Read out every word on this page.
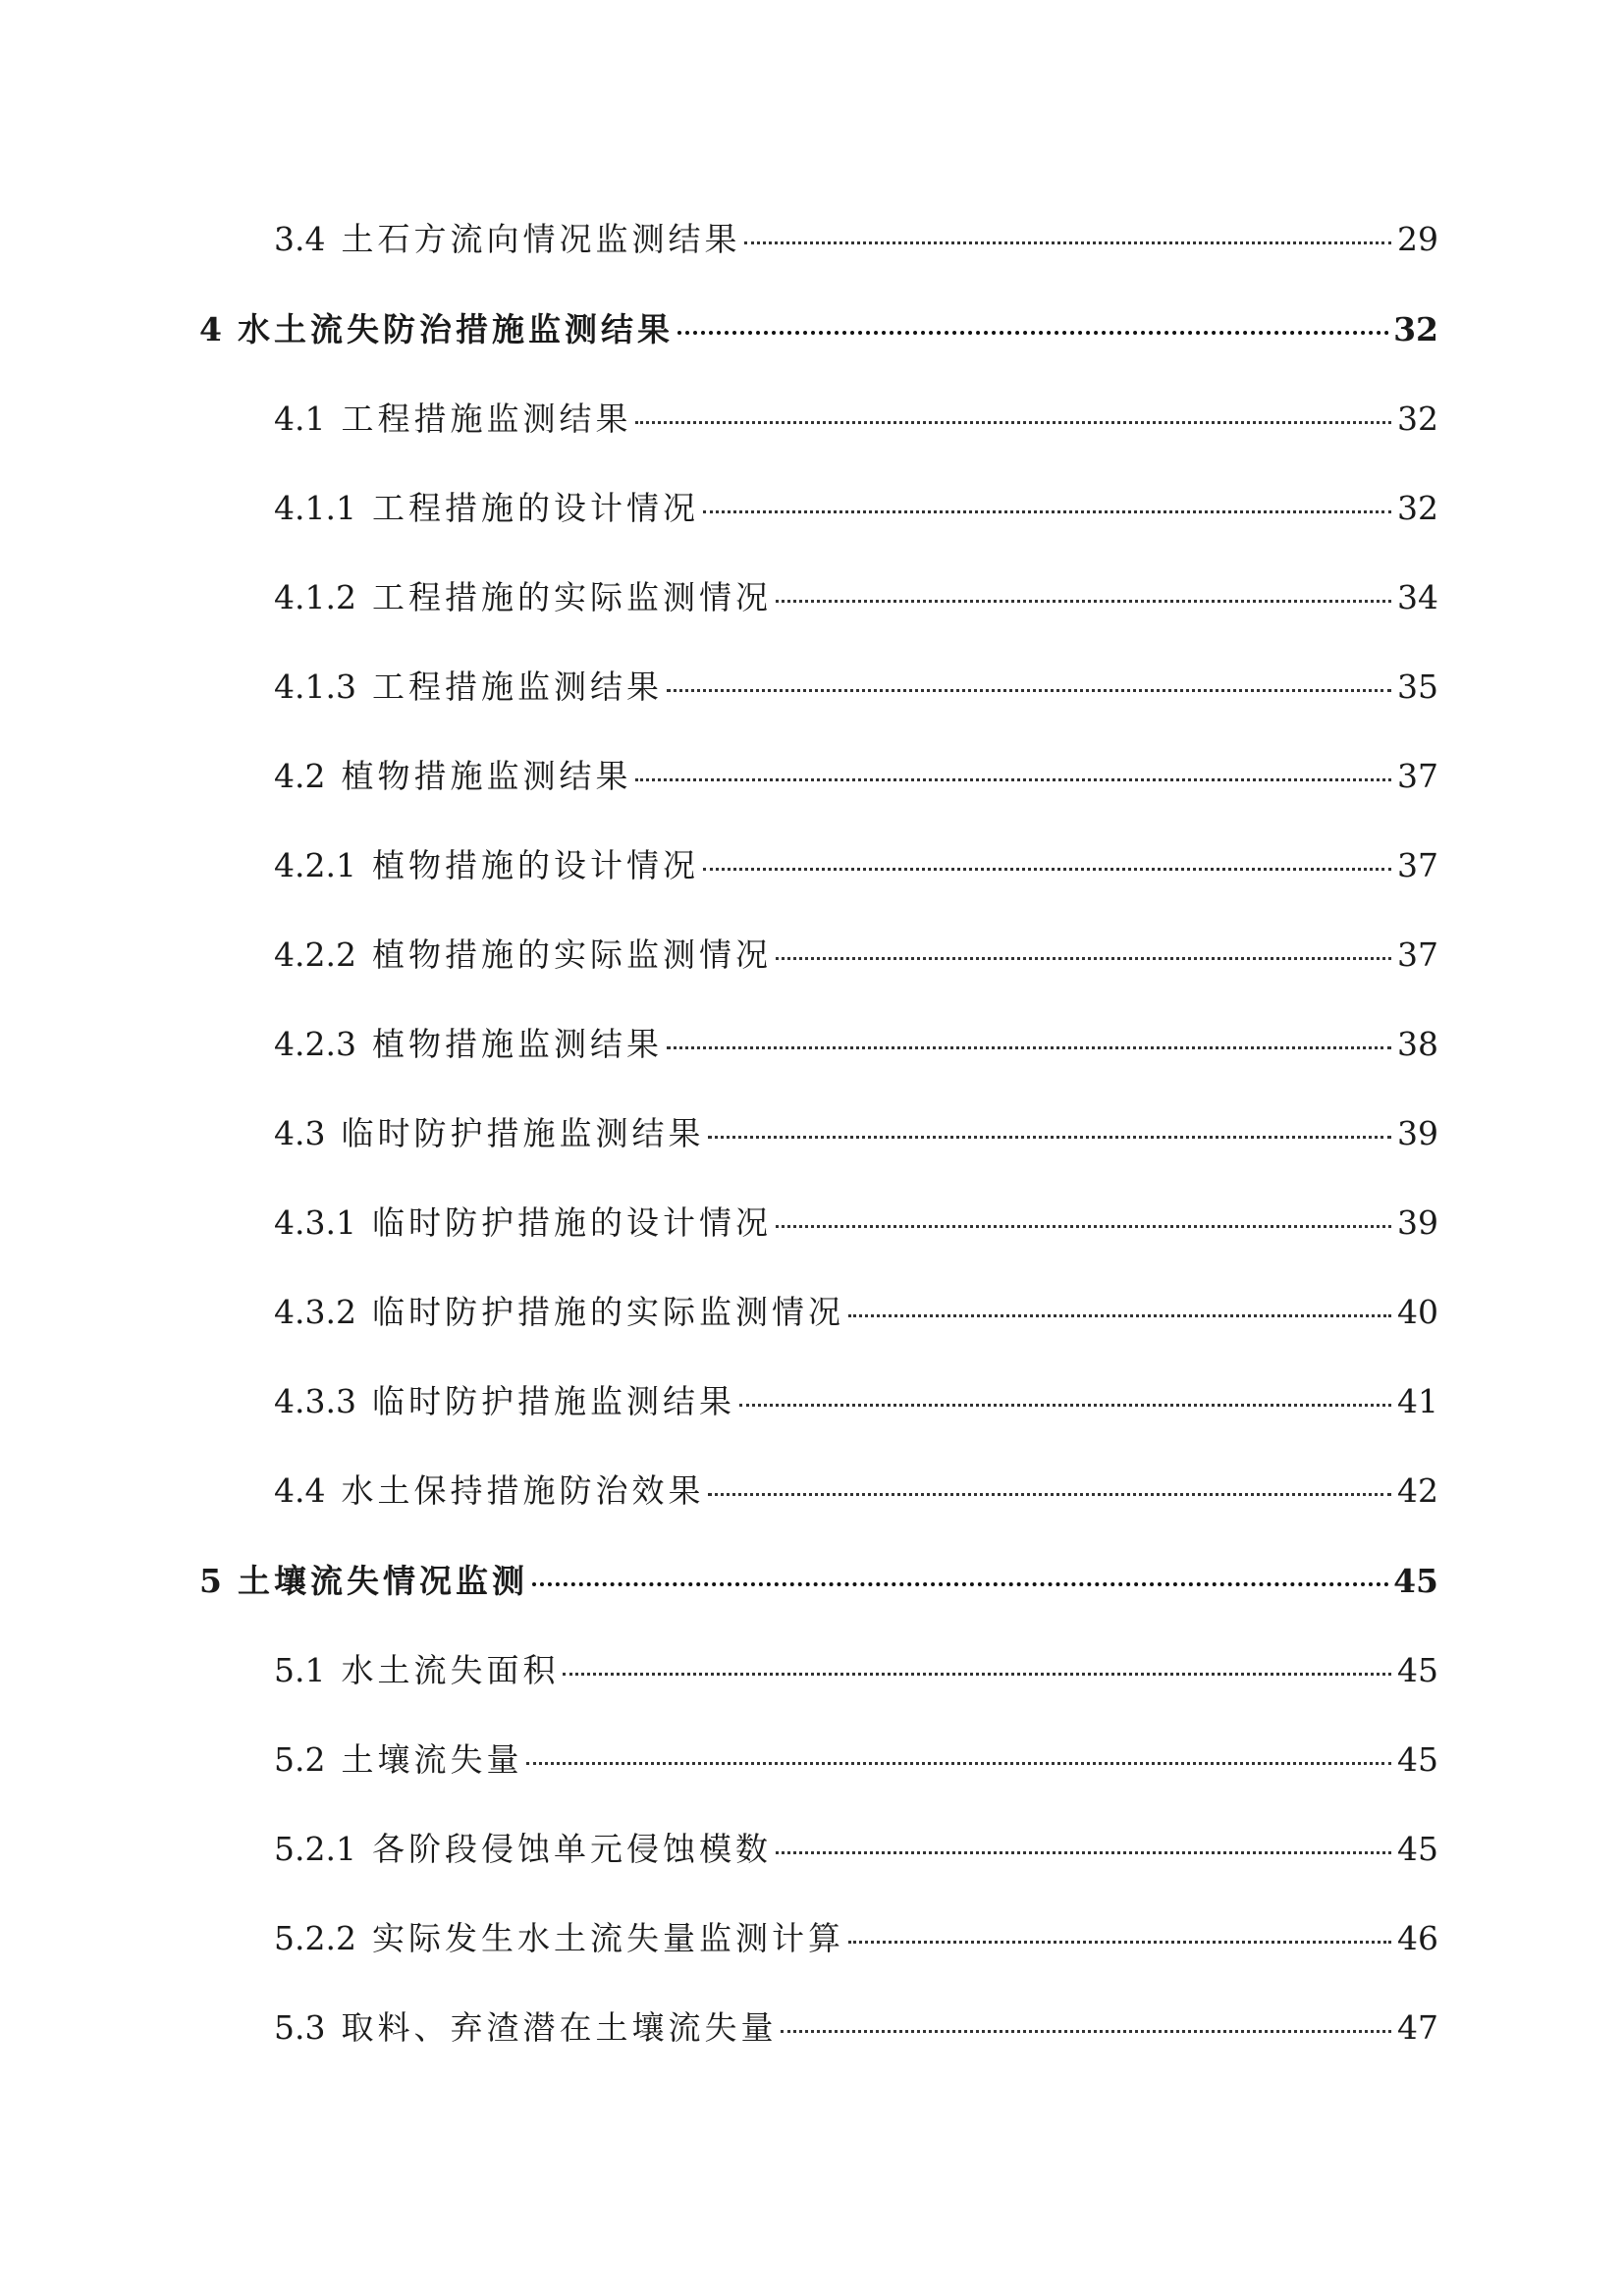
3.4 土石方流向情况监测结果	29
4 水土流失防治措施监测结果	32
4.1 工程措施监测结果	32
4.1.1 工程措施的设计情况	32
4.1.2 工程措施的实际监测情况	34
4.1.3 工程措施监测结果	35
4.2 植物措施监测结果	37
4.2.1 植物措施的设计情况	37
4.2.2 植物措施的实际监测情况	37
4.2.3 植物措施监测结果	38
4.3 临时防护措施监测结果	39
4.3.1 临时防护措施的设计情况	39
4.3.2 临时防护措施的实际监测情况	40
4.3.3 临时防护措施监测结果	41
4.4 水土保持措施防治效果	42
5 土壤流失情况监测	45
5.1 水土流失面积	45
5.2 土壤流失量	45
5.2.1 各阶段侵蚀单元侵蚀模数	45
5.2.2 实际发生水土流失量监测计算	46
5.3 取料、弃渣潜在土壤流失量	47
